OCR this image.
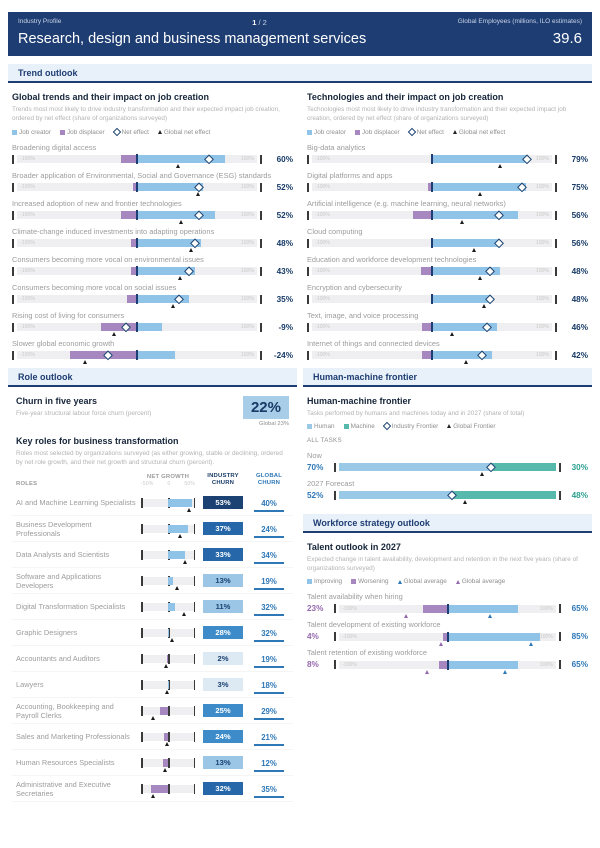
Industry Profile	1 / 2	Global Employees (millions, ILO estimates)
Research, design and business management services	39.6
Trend outlook
Global trends and their impact on job creation
Trends most most likely to drive industry transformation and their expected impact job creation, ordered by net effect (share of organizations surveyed)
Job creator	Job displacer	Net effect Global net effect
Broadening digital access
-100%	100%	60%
Broader application of Environmental, Social and Governance (ESG) standards
-100%	100%	52%
Increased adoption of new and frontier technologies
-100%	100%	52%
Climate-change induced investments into adapting operations
-100%	100%	48%
Consumers becoming more vocal on environmental issues
-100%	100%	43%
Consumers becoming more vocal on social issues
-100%	100%	35%
Rising cost of living for consumers
-100%	100%	-9%
Slower global economic growth
-100%	100%	-24%
Technologies and their impact on job creation
Technologies most most likely to drive industry transformation and their expected impact job creation, ordered by net effect (share of organizations surveyed)
Job creator	Job displacer	Net effect Global net effect
Big-data analytics
-100%	100%	79%
Digital platforms and apps
-100%	100%	75%
Artificial intelligence (e.g. machine learning, neural networks)
-100%	100%	56%
Cloud computing
-100%	100%	56%
Education and workforce development technologies
-100%	100%	48%
Encryption and cybersecurity
-100%	100%	48%
Text, image, and voice processing
-100%	100%	46%
Internet of things and connected devices
-100%	100%	42%
Role outlook
Churn in five years
Five-year structural labour force churn (percent)	22%
Global 23%
Key roles for business transformation
Roles most selected by organizations surveyed (as either growing, stable or declining, ordered by net role growth, and their net growth and structural churn (percent).
ROLES
NET GROWTH
-50%	0	50%
INDUSTRY CHURN
GLOBAL CHURN
AI and Machine Learning Specialists	53%	40%
Business Development Professionals	37%	24%
Data Analysts and Scientists	33%	34%
Software and Applications Developers	13%	19%
Digital Transformation Specialists	11%	32%
Graphic Designers	28%	32%
Accountants and Auditors	2%	19%
Lawyers	3%	18%
Accounting, Bookkeeping and Payroll Clerks	25%	29%
Sales and Marketing Professionals	24%	21%
Human Resources Specialists	13%	12%
Administrative and Executive Secretaries	32%	35%
Human-machine frontier
Human-machine frontier
Tasks performed by humans and machines today and in 2027 (share of total)
Human	Machine	Industry Frontier Global Frontier
ALL TASKS
Now
70%	30%
2027 Forecast
52%	48%
Workforce strategy outlook
Talent outlook in 2027
Expected change in talent availability, development and retention in the next five years (share of organizations surveyed)
Improving	Worsening Global average Global average
Talent availability when hiring
23%	-100%	100%	65%
Talent development of existing workforce
4%	-100%	100%	85%
Talent retention of existing workforce
8%	-100%	100%	65%
